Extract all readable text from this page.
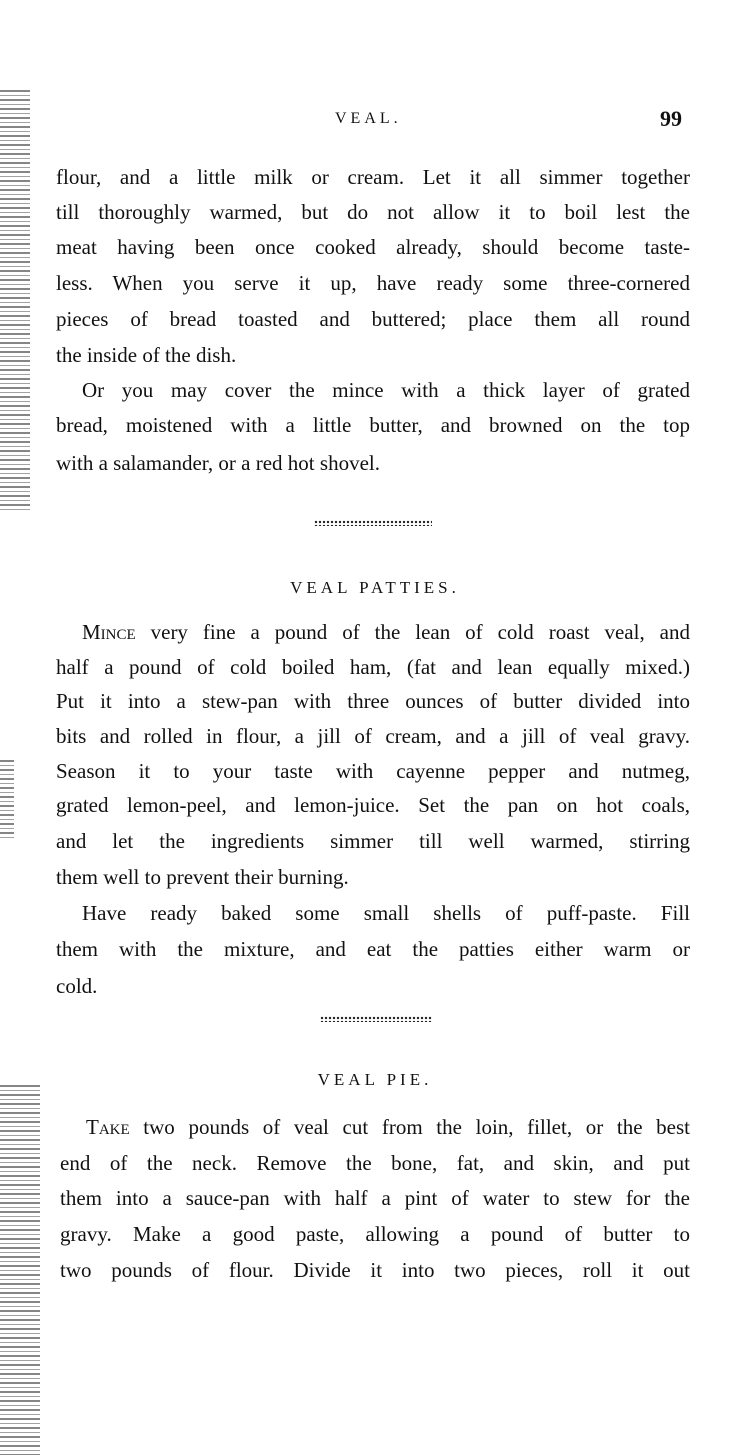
VEAL.	99
flour, and a little milk or cream. Let it all simmer together
till thoroughly warmed, but do not allow it to boil lest the
meat having been once cooked already, should become taste-
less. When you serve it up, have ready some three-cornered
pieces of bread toasted and buttered; place them all round
the inside of the dish.
Or you may cover the mince with a thick layer of grated
bread, moistened with a little butter, and browned on the top
with a salamander, or a red hot shovel.
VEAL PATTIES.
Mince very fine a pound of the lean of cold roast veal, and
half a pound of cold boiled ham, (fat and lean equally mixed.)
Put it into a stew-pan with three ounces of butter divided into
bits and rolled in flour, a jill of cream, and a jill of veal gravy.
Season it to your taste with cayenne pepper and nutmeg,
grated lemon-peel, and lemon-juice. Set the pan on hot coals,
and let the ingredients simmer till well warmed, stirring
them well to prevent their burning.
Have ready baked some small shells of puff-paste. Fill
them with the mixture, and eat the patties either warm or
cold.
VEAL PIE.
Take two pounds of veal cut from the loin, fillet, or the best
end of the neck. Remove the bone, fat, and skin, and put
them into a sauce-pan with half a pint of water to stew for the
gravy. Make a good paste, allowing a pound of butter to
two pounds of flour. Divide it into two pieces, roll it out
